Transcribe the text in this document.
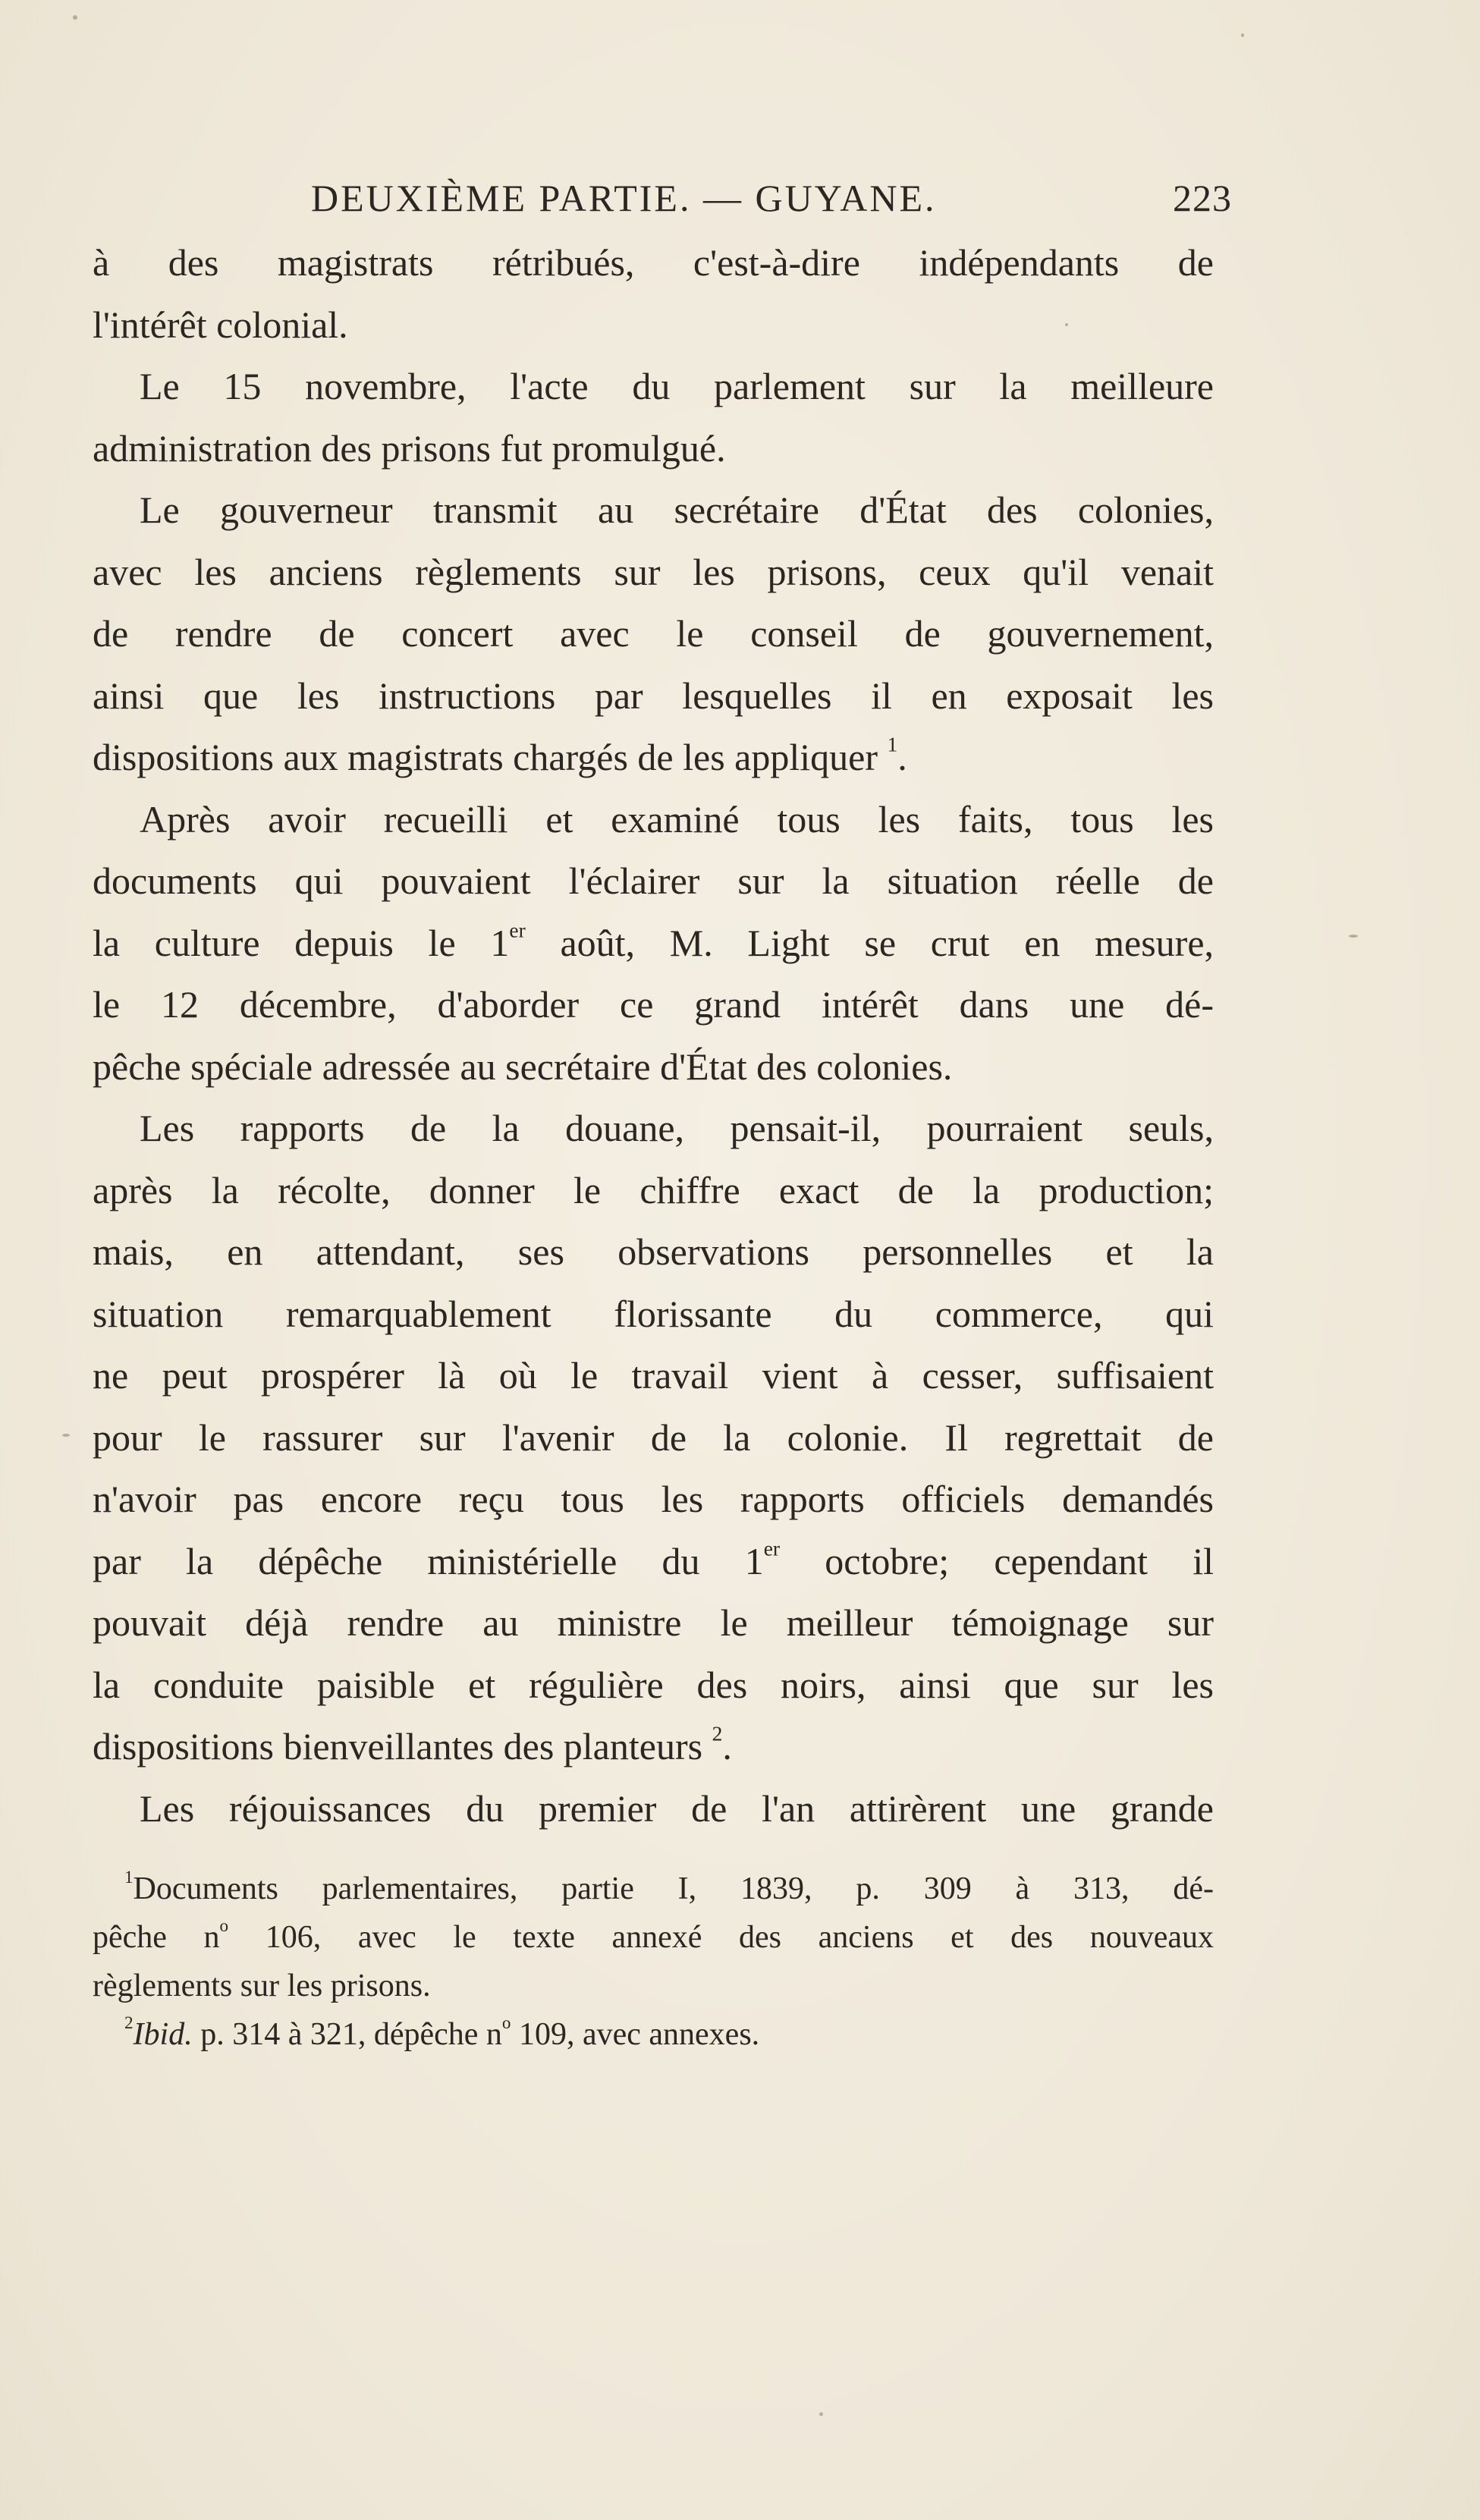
DEUXIÈME PARTIE. — GUYANE.	223
à des magistrats rétribués, c'est-à-dire indépendants de
l'intérêt colonial.
Le 15 novembre, l'acte du parlement sur la meilleure
administration des prisons fut promulgué.
Le gouverneur transmit au secrétaire d'État des colonies,
avec les anciens règlements sur les prisons, ceux qu'il venait
de rendre de concert avec le conseil de gouvernement,
ainsi que les instructions par lesquelles il en exposait les
dispositions aux magistrats chargés de les appliquer $^1$.
Après avoir recueilli et examiné tous les faits, tous les
documents qui pouvaient l'éclairer sur la situation réelle de
la culture depuis le 1er août, M. Light se crut en mesure,
le 12 décembre, d'aborder ce grand intérêt dans une dé-
pêche spéciale adressée au secrétaire d'État des colonies.
Les rapports de la douane, pensait-il, pourraient seuls,
après la récolte, donner le chiffre exact de la production;
mais, en attendant, ses observations personnelles et la
situation remarquablement florissante du commerce, qui
ne peut prospérer là où le travail vient à cesser, suffisaient
pour le rassurer sur l'avenir de la colonie. Il regrettait de
n'avoir pas encore reçu tous les rapports officiels demandés
par la dépêche ministérielle du 1er octobre; cependant il
pouvait déjà rendre au ministre le meilleur témoignage sur
la conduite paisible et régulière des noirs, ainsi que sur les
dispositions bienveillantes des planteurs $^2$.
Les réjouissances du premier de l'an attirèrent une grande
$^1$Documents parlementaires, partie I, 1839, p. 309 à 313, dé-
pêche $n^o$ 106, avec le texte annexé des anciens et des nouveaux
règlements sur les prisons.
$^2$Ibid. p. 314 à 321, dépêche $n^o$ 109, avec annexes.
